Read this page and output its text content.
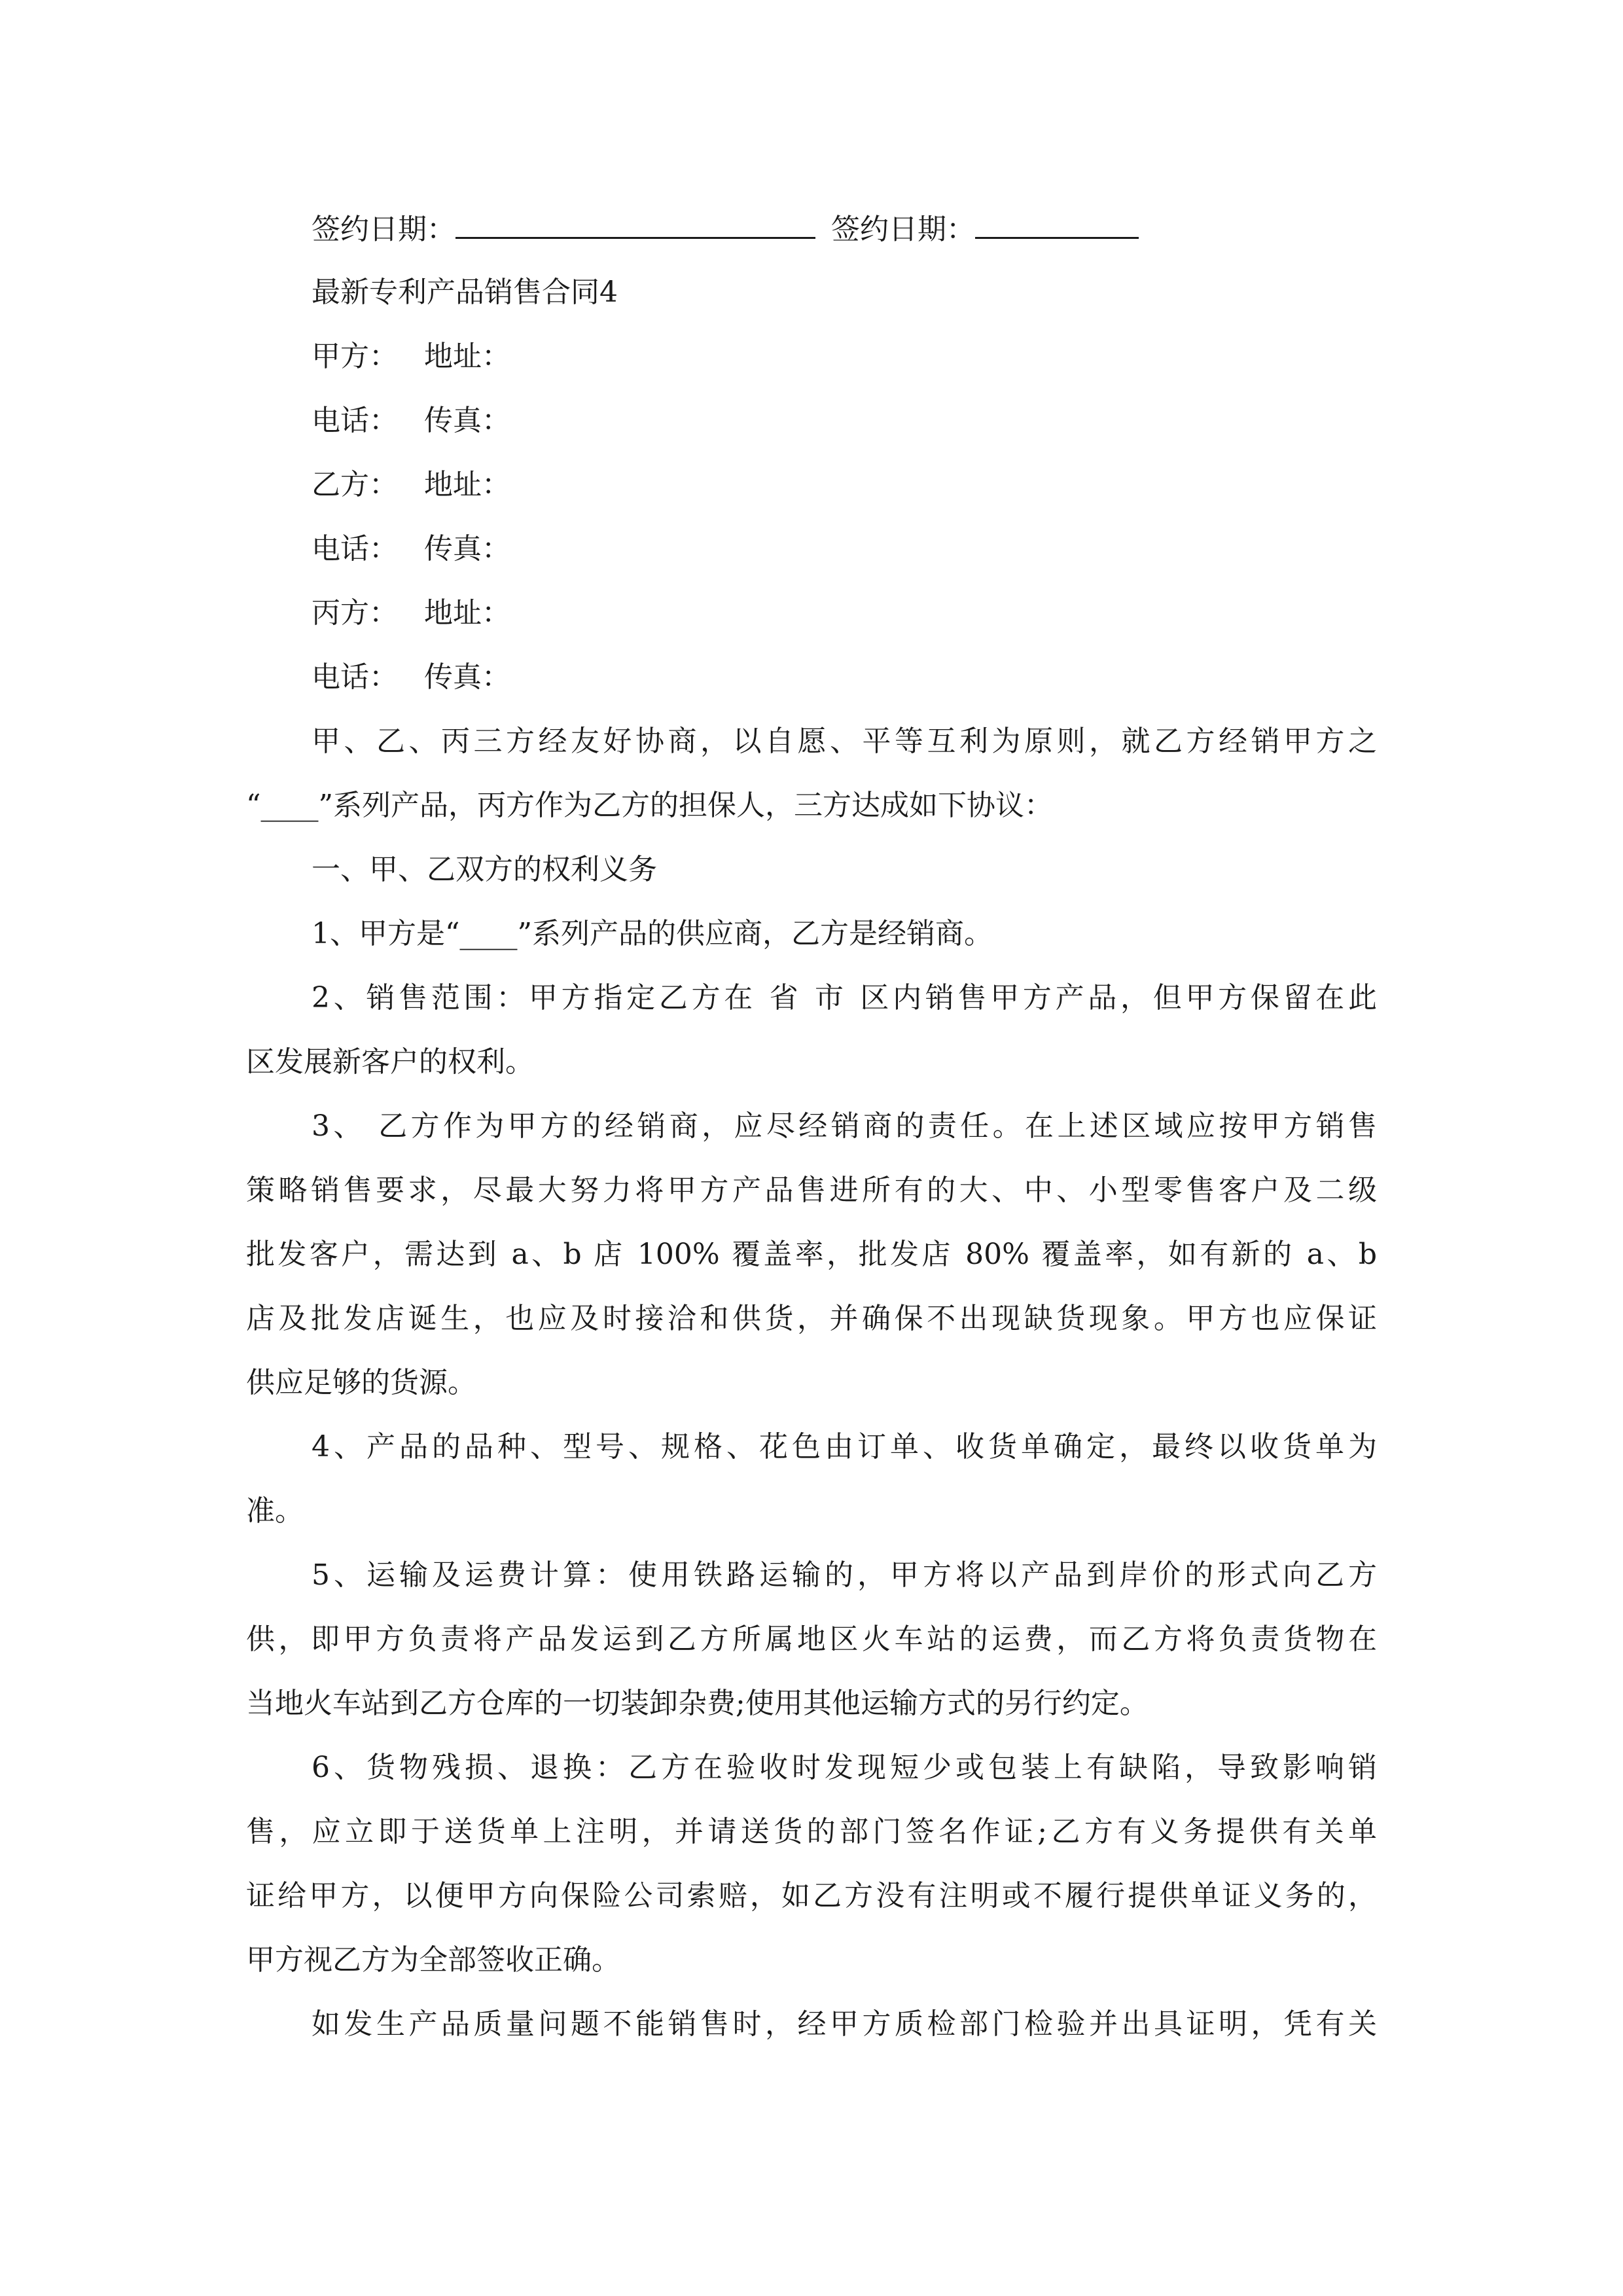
签约日期：	签约日期：
最新专利产品销售合同4
甲方： 地址：
电话： 传真：
乙方： 地址：
电话： 传真：
丙方： 地址：
电话： 传真：
甲、乙、丙三方经友好协商，以自愿、平等互利为原则，就乙方经销甲方之
“____”系列产品，丙方作为乙方的担保人，三方达成如下协议：
一、甲、乙双方的权利义务
1、甲方是“____”系列产品的供应商，乙方是经销商。
2、销售范围：甲方指定乙方在 省 市 区内销售甲方产品，但甲方保留在此
区发展新客户的权利。
3、 乙方作为甲方的经销商，应尽经销商的责任。在上述区域应按甲方销售
策略销售要求，尽最大努力将甲方产品售进所有的大、中、小型零售客户及二级
批发客户，需达到 a、b 店 100% 覆盖率，批发店 80% 覆盖率，如有新的 a、b
店及批发店诞生，也应及时接洽和供货，并确保不出现缺货现象。甲方也应保证
供应足够的货源。
4、产品的品种、型号、规格、花色由订单、收货单确定，最终以收货单为
准。
5、运输及运费计算：使用铁路运输的，甲方将以产品到岸价的形式向乙方
供，即甲方负责将产品发运到乙方所属地区火车站的运费，而乙方将负责货物在
当地火车站到乙方仓库的一切装卸杂费;使用其他运输方式的另行约定。
6、货物残损、退换：乙方在验收时发现短少或包装上有缺陷，导致影响销
售，应立即于送货单上注明，并请送货的部门签名作证;乙方有义务提供有关单
证给甲方，以便甲方向保险公司索赔，如乙方没有注明或不履行提供单证义务的，
甲方视乙方为全部签收正确。
如发生产品质量问题不能销售时，经甲方质检部门检验并出具证明，凭有关
